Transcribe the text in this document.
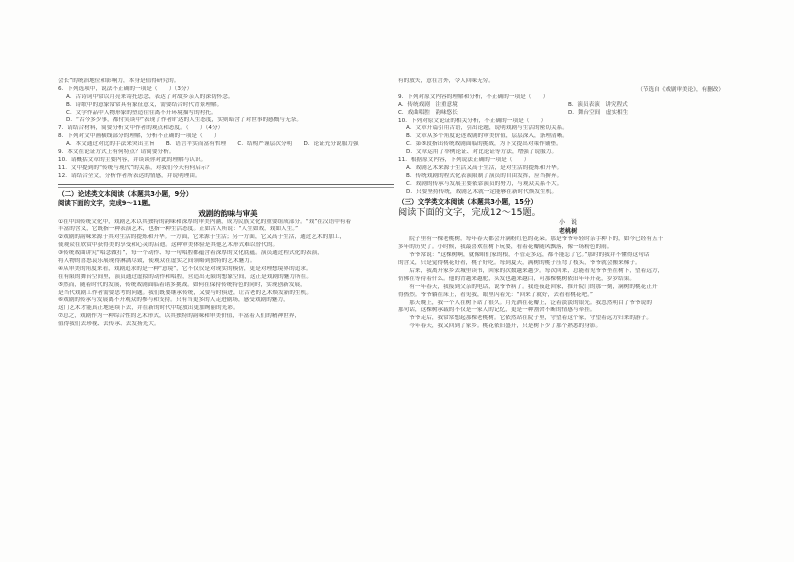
会长”的统治地位和影响力，本身是值得研究的。
6．下列选项中，说法不正确的一项是（　　）（3分）
A．古诗词中常以月亮来寄托思念，表达了对故乡亲人的深切怀念。
B．诗歌中的意象常常具有象征意义，需要结合时代背景理解。
C．文学作品中人物形象的塑造往往离不开环境描写的衬托。
D．“古今多少事，都付笑谈中”表现了作者旷达的人生态度，实则暗含了对世事的感慨与无奈。
7．请结合材料，简要分析文中作者的观点和态度。（　　）（4分）
8．下列对文中画横线部分的理解，分析不正确的一项是（　　）
A．本文通过对比的手法来突出主旨　　B．语言平实而富有哲理　　C．结构严谨层次分明　　D．论证充分说服力强
9．本文在论证方式上有何特点？请简要分析。
10．请概括文章的主要内容，并谈谈你对此的理解与认识。
11．文中提到的“传统与现代”的关系，对我们今天有何启示？
12．请结合全文，分析作者所表达的情感，并说明理由。
（二）论述类文本阅读（本题共3小题，9分）
阅读下面的文字，完成9～11题。
戏剧的韵味与审美
①在中国传统文化中，戏剧艺术以其独特的韵味和深厚的审美内涵，成为民族文化的重要组成部分。“戏”在汉语中有着
丰富的含义，它既指一种表演艺术，也指一种生活态度。正如古人所说：“人生如戏，戏如人生。”
②戏剧的韵味来源于其对生活的提炼和升华。一方面，它来源于生活；另一方面，它又高于生活，通过艺术的加工，
使观众在欣赏中获得美的享受和心灵的启迪。这种审美体验是其他艺术形式难以替代的。
③传统戏曲讲究“唱念做打”，每一个动作、每一句唱腔都蕴含着深厚的文化底蕴。演员通过程式化的表演，
将人物的喜怒哀乐展现得淋漓尽致，使观众在虚实之间领略到独特的艺术魅力。
④从审美的角度来看，戏剧追求的是一种“意境”，它不仅仅是对现实的模仿，更是对理想境界的追求。
在有限的舞台空间里，演员通过虚拟的动作和唱腔，营造出无限的想象空间，这正是戏剧的魅力所在。
⑤然而，随着时代的发展，传统戏剧面临着诸多挑战。如何在保持传统特色的同时，实现创新发展，
是当代戏剧工作者需要思考的问题。我们既要继承传统，又要与时俱进，让古老的艺术焕发新的生机。
⑥戏剧的传承与发展离不开观众的参与和支持。只有当更多的人走进剧场，感受戏剧的魅力，
这门艺术才能真正地延续下去，并在新的时代中绽放出更加绚丽的光彩。
⑦总之，戏剧作为一种综合性的艺术形式，以其独特的韵味和审美价值，丰富着人们的精神世界，
值得我们去珍视、去传承、去发扬光大。
有的放矢，意在言外，令人回味无穷。
（节选自《戏剧审美论》，有删改）
9．下列对原文内容的理解和分析，不正确的一项是（　　）
A．传统戏剧　注重意境	B．演员表演　讲究程式
C．戏曲唱腔　韵味悠长	D．舞台空间　虚实相生
10．下列对原文论证的相关分析，不正确的一项是（　　）
A．文章开篇引用古语，引出论题，说明戏剧与生活的密切关系。
B．文章从多个角度论述戏剧的审美价值，层层深入，条理清晰。
C．第⑤段指出传统戏剧面临的挑战，为下文提出对策作铺垫。
D．文章运用了举例论证、对比论证等方法，增强了说服力。
11．根据原文内容，下列说法正确的一项是（　　）
A．戏剧艺术来源于生活又高于生活，是对生活的提炼和升华。
B．传统戏剧的程式化表演限制了演员的自由发挥，应当摒弃。
C．戏剧的传承与发展主要依靠演员的努力，与观众关系不大。
D．只要坚持传统，戏剧艺术就一定能够在新时代焕发生机。
（三）文学类文本阅读（本题共3小题，15分）
阅读下面的文字，完成12～15题。
小　说
老桃树
　　院子里有一棵老桃树，每年春天都会开满粉红色的花朵。那是爷爷年轻时亲手种下的，如今已经有五十
多年的历史了。小时候，我最喜欢在树下玩耍，看着花瓣随风飘落，像一场粉色的雨。
　　爷爷常说：“这棵树啊，就像咱们家的根，不管走多远，都不能忘了它。”那时的我并不懂得这句话
的含义，只是觉得桃花好看，桃子好吃。每到夏天，满树的桃子压弯了枝头，爷爷就会搬来梯子。
　　后来，我离开家乡去城里读书，回家的次数越来越少。每次回来，总能看见爷爷坐在树下，望着远方，
仿佛在等待着什么。他的背越来越驼，头发也越来越白，可那棵桃树依旧年年开花，岁岁结果。
　　有一年春天，我接到父亲的电话，说爷爷病了。我连夜赶回家，推开院门的那一刻，满树的桃花正开
得热烈。爷爷躺在床上，看见我，眼里闪着光：“回来了就好，去看看桃花吧。”
　　那天晚上，我一个人在树下站了很久。月光洒在花瓣上，泛着淡淡的银光。我忽然明白了爷爷说的
那句话，这棵树承载的不仅是一家人的记忆，更是一种割舍不断的情感与牵挂。
　　爷爷走后，我常常想起那棵老桃树。它依然站在院子里，守望着这个家，守望着远方归来的游子。
　　今年春天，我又回到了家乡。桃花依旧盛开，只是树下少了那个熟悉的身影。
